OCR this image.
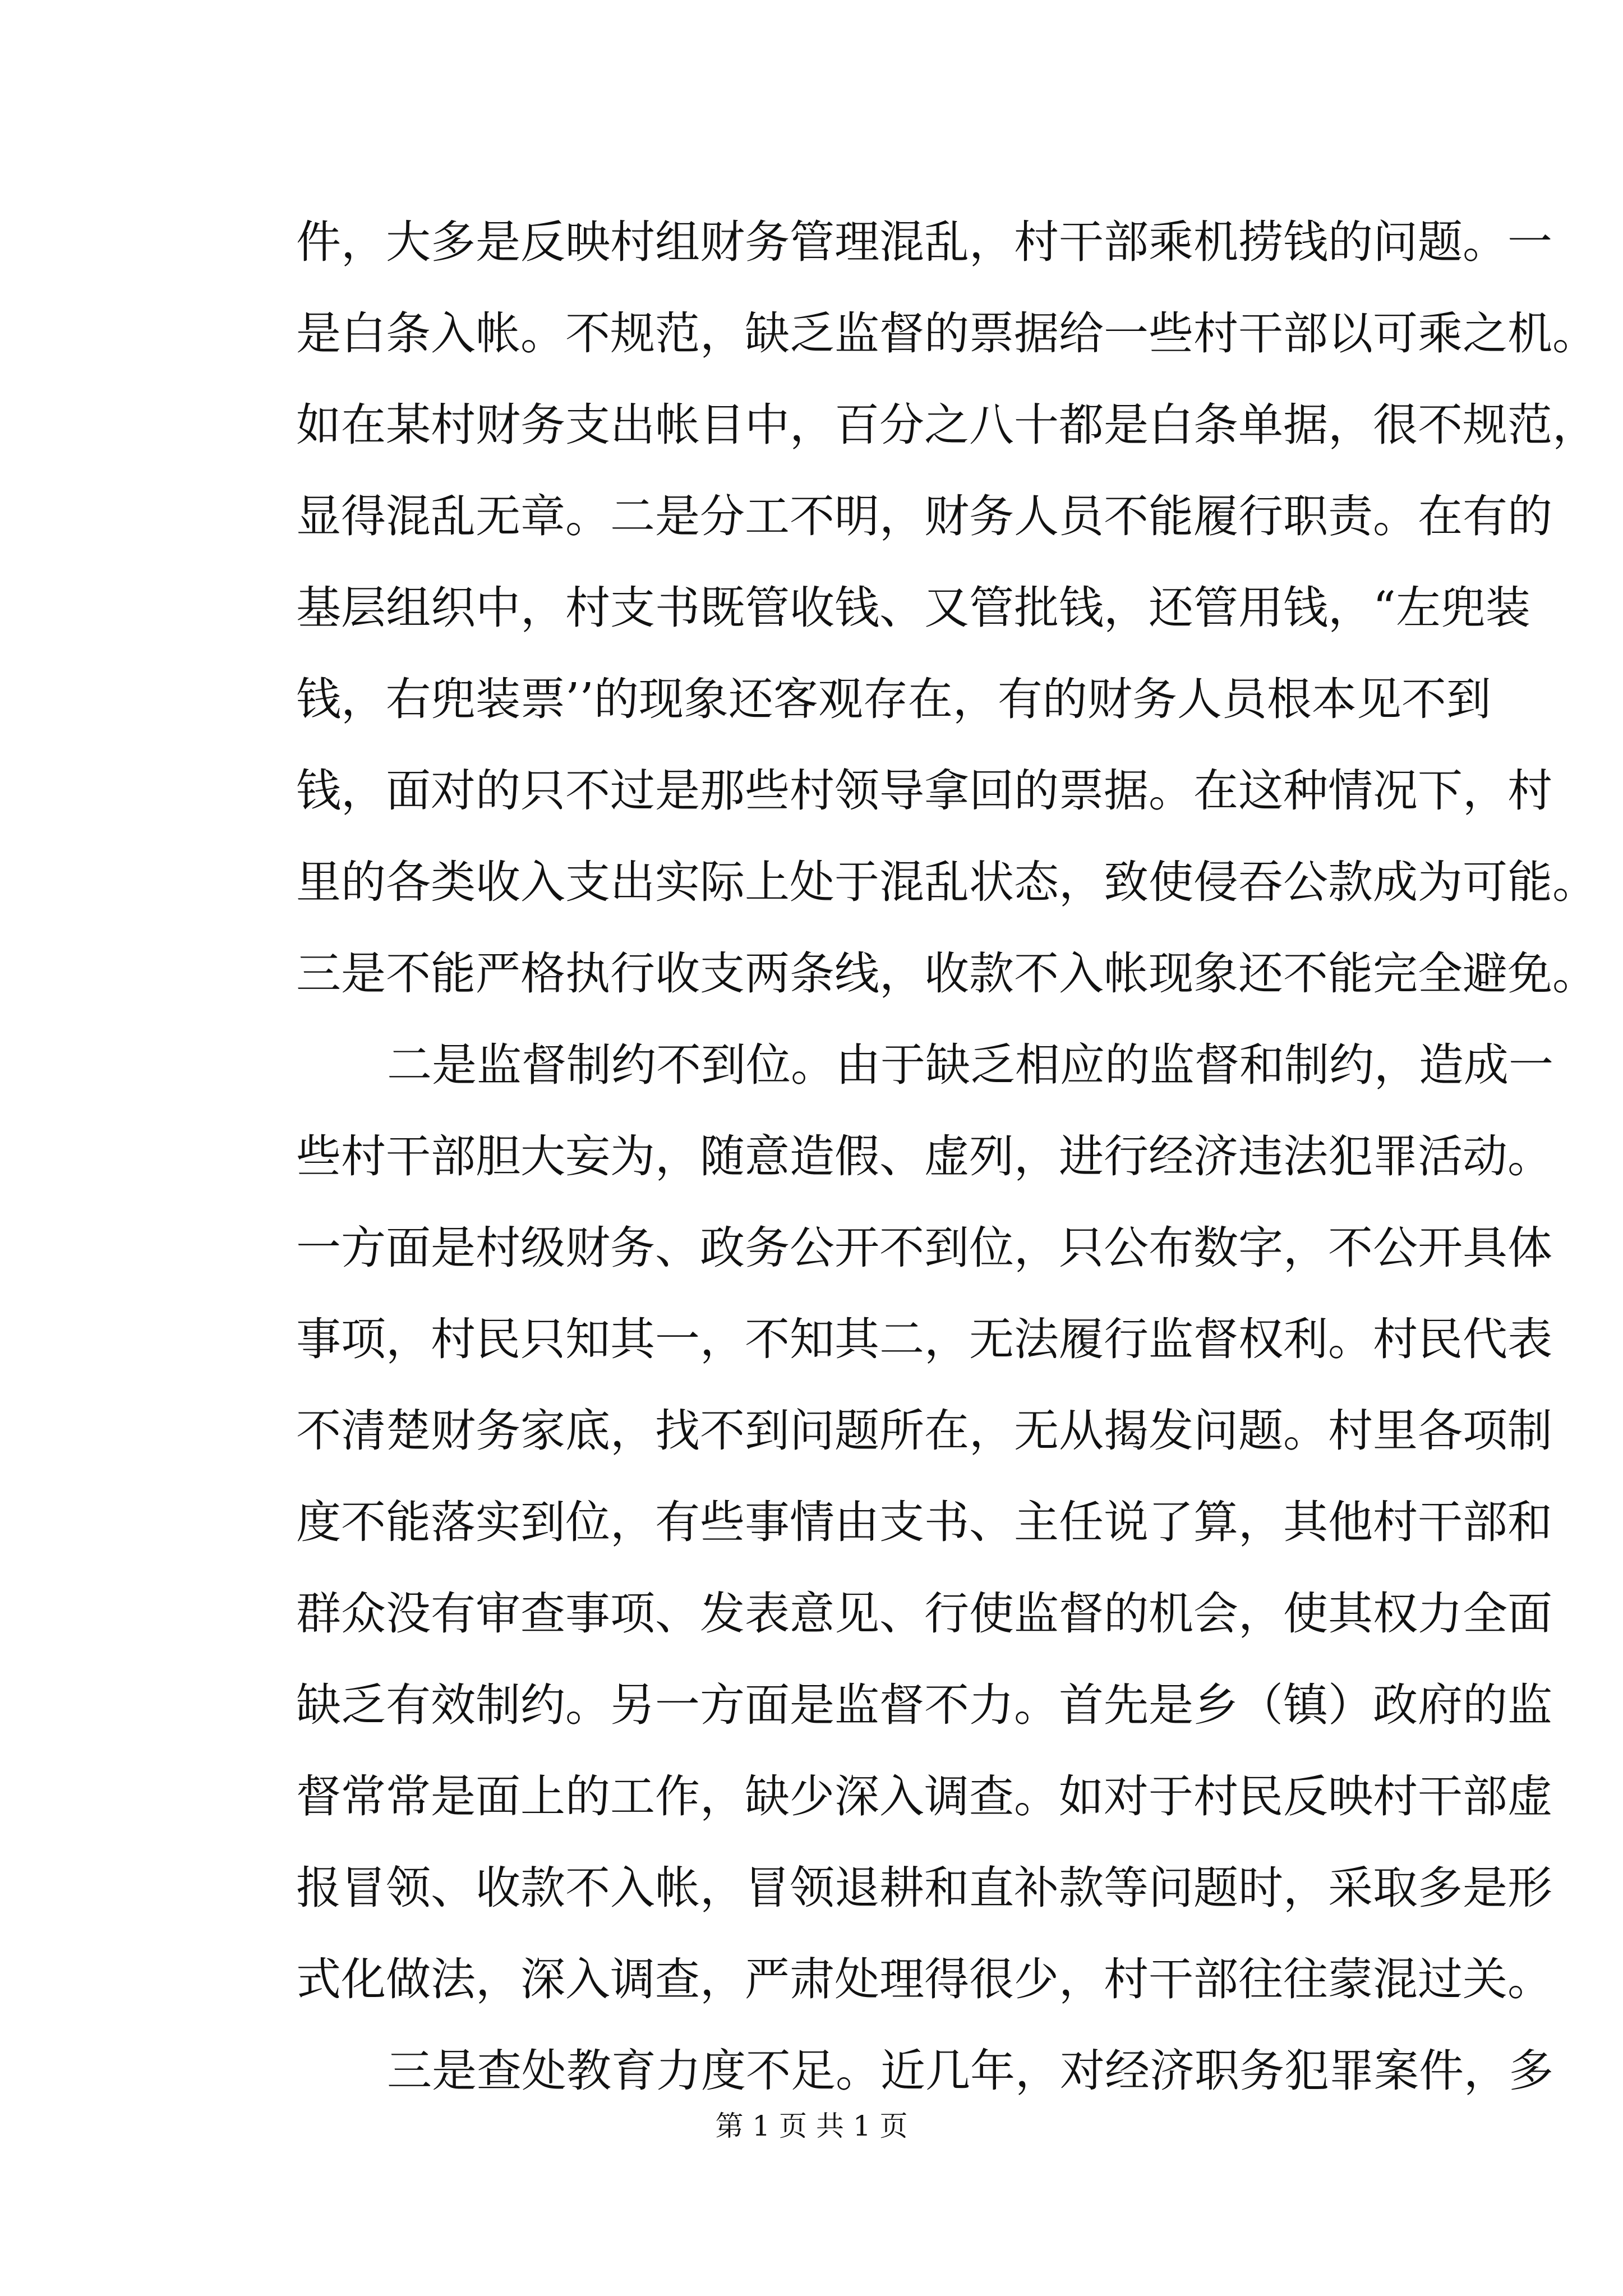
件，大多是反映村组财务管理混乱，村干部乘机捞钱的问题。一
是白条入帐。不规范，缺乏监督的票据给一些村干部以可乘之机。
如在某村财务支出帐目中，百分之八十都是白条单据，很不规范，
显得混乱无章。二是分工不明，财务人员不能履行职责。在有的
基层组织中，村支书既管收钱、又管批钱，还管用钱，“左兜装
钱，右兜装票’’的现象还客观存在，有的财务人员根本见不到
钱，面对的只不过是那些村领导拿回的票据。在这种情况下，村
里的各类收入支出实际上处于混乱状态，致使侵吞公款成为可能。
三是不能严格执行收支两条线，收款不入帐现象还不能完全避免。
二是监督制约不到位。由于缺乏相应的监督和制约，造成一
些村干部胆大妄为，随意造假、虚列，进行经济违法犯罪活动。
一方面是村级财务、政务公开不到位，只公布数字，不公开具体
事项，村民只知其一，不知其二，无法履行监督权利。村民代表
不清楚财务家底，找不到问题所在，无从揭发问题。村里各项制
度不能落实到位，有些事情由支书、主任说了算，其他村干部和
群众没有审查事项、发表意见、行使监督的机会，使其权力全面
缺乏有效制约。另一方面是监督不力。首先是乡（镇）政府的监
督常常是面上的工作，缺少深入调查。如对于村民反映村干部虚
报冒领、收款不入帐，冒领退耕和直补款等问题时，采取多是形
式化做法，深入调查，严肃处理得很少，村干部往往蒙混过关。
三是查处教育力度不足。近几年，对经济职务犯罪案件，多
第 1 页 共 1 页
